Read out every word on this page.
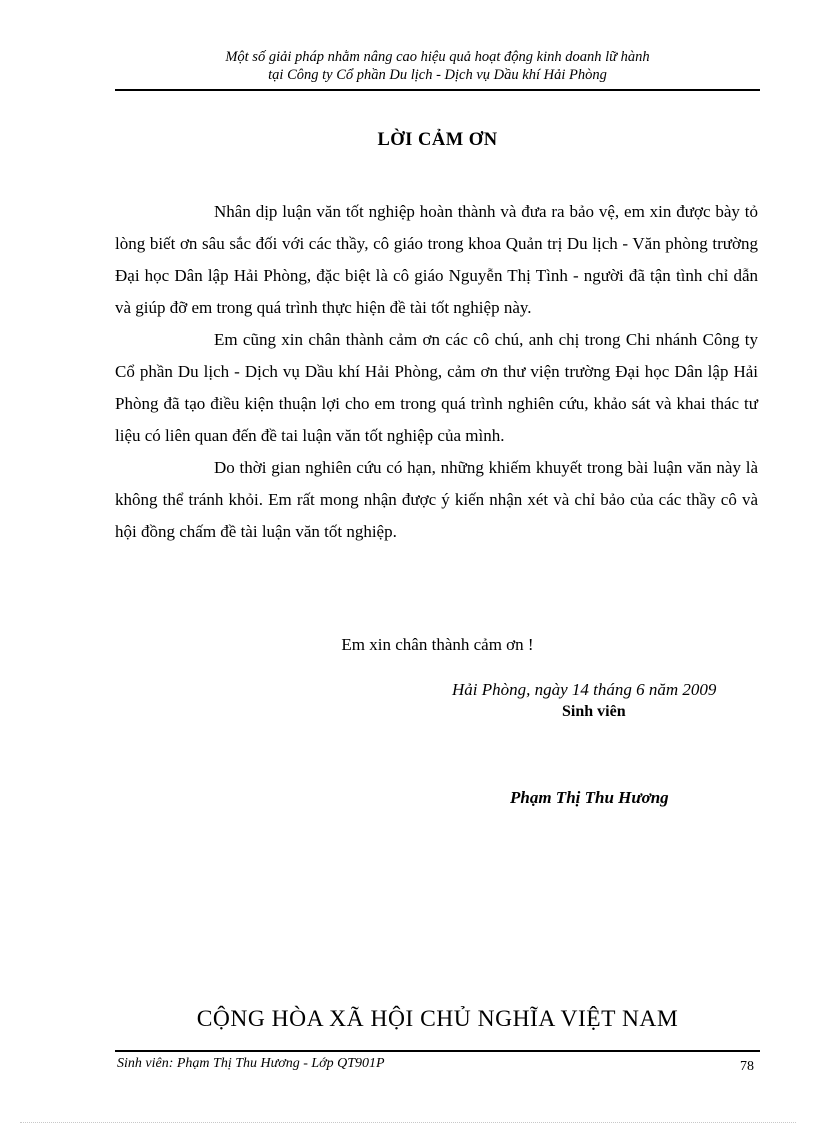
Một số giải pháp nhằm nâng cao hiệu quả hoạt động kinh doanh lữ hành
tại Công ty Cổ phần Du lịch - Dịch vụ Dầu khí Hải Phòng
LỜI CẢM ƠN

Nhân dịp luận văn tốt nghiệp hoàn thành và đưa ra bảo vệ, em xin được bày tỏ lòng biết ơn sâu sắc đối với các thầy, cô giáo trong khoa Quản trị Du lịch - Văn phòng trường Đại học Dân lập Hải Phòng, đặc biệt là cô giáo Nguyễn Thị Tình - người đã tận tình chỉ dẫn và giúp đỡ em trong quá trình thực hiện đề tài tốt nghiệp này.

Em cũng xin chân thành cảm ơn các cô chú, anh chị trong Chi nhánh Công ty Cổ phần Du lịch - Dịch vụ Dầu khí Hải Phòng, cảm ơn thư viện trường Đại học Dân lập Hải Phòng đã tạo điều kiện thuận lợi cho em trong quá trình nghiên cứu, khảo sát và khai thác tư liệu có liên quan đến đề tai luận văn tốt nghiệp của mình.

Do thời gian nghiên cứu có hạn, những khiếm khuyết trong bài luận văn này là không thể tránh khỏi. Em rất mong nhận được ý kiến nhận xét và chỉ bảo của các thầy cô và hội đồng chấm đề tài luận văn tốt nghiệp.

Em xin chân thành cảm ơn !
Hải Phòng, ngày 14 tháng 6 năm 2009
Sinh viên
Phạm Thị Thu Hương
CỘNG HÒA XÃ HỘI CHỦ NGHĨA VIỆT NAM
Sinh viên: Phạm Thị Thu Hương - Lớp QT901P	78
